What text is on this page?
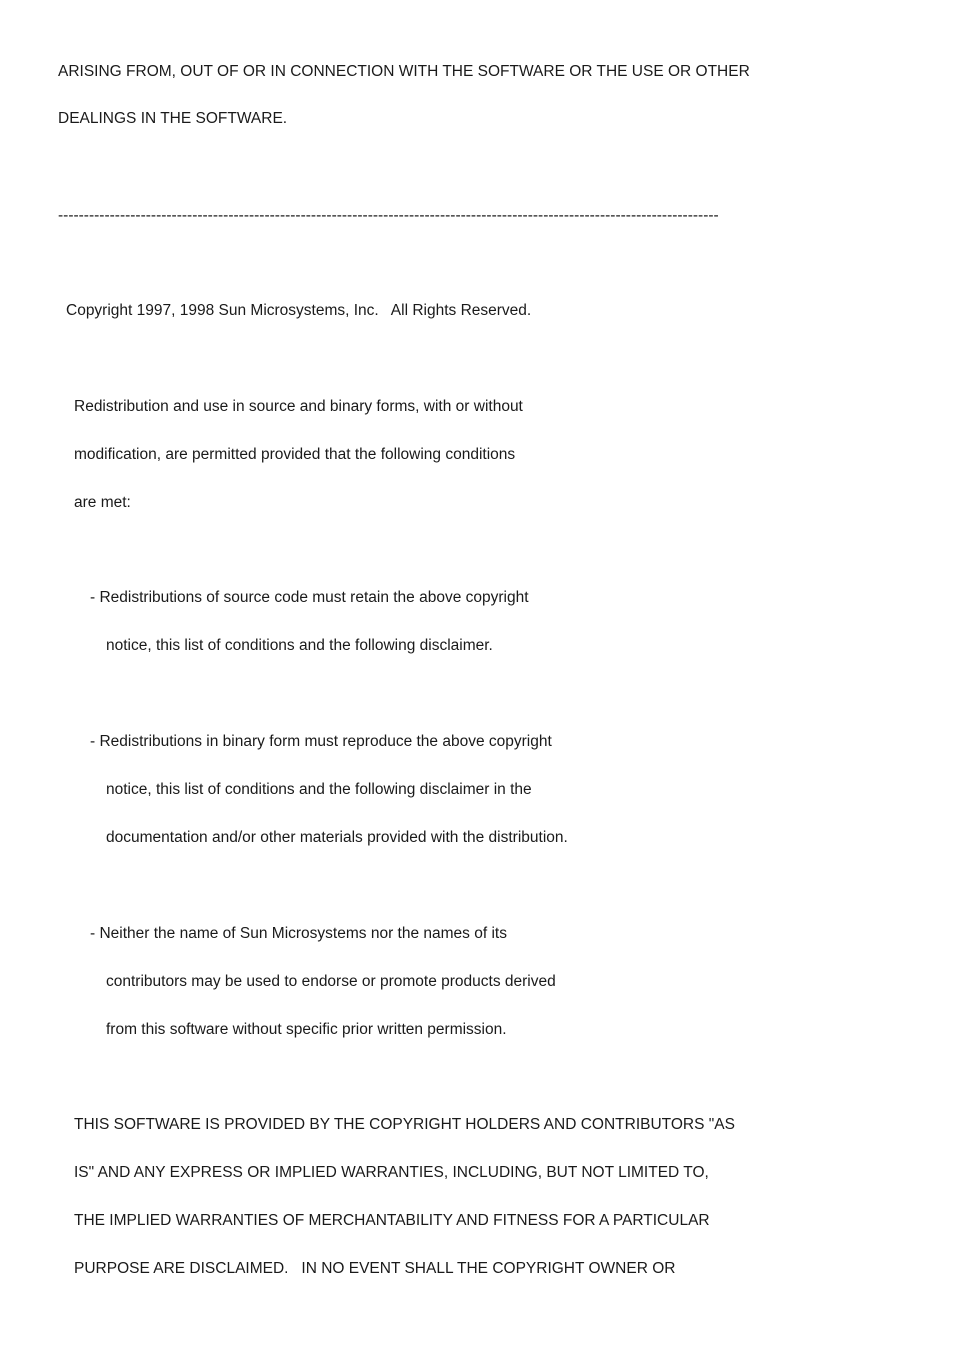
ARISING FROM, OUT OF OR IN CONNECTION WITH THE SOFTWARE OR THE USE OR OTHER
DEALINGS IN THE SOFTWARE.
--------------------------------------------------------------------------------------------------------------------------------
Copyright 1997, 1998 Sun Microsystems, Inc.   All Rights Reserved.
Redistribution and use in source and binary forms, with or without
modification, are permitted provided that the following conditions
are met:
- Redistributions of source code must retain the above copyright
notice, this list of conditions and the following disclaimer.
- Redistributions in binary form must reproduce the above copyright
notice, this list of conditions and the following disclaimer in the
documentation and/or other materials provided with the distribution.
- Neither the name of Sun Microsystems nor the names of its
contributors may be used to endorse or promote products derived
from this software without specific prior written permission.
THIS SOFTWARE IS PROVIDED BY THE COPYRIGHT HOLDERS AND CONTRIBUTORS "AS
IS" AND ANY EXPRESS OR IMPLIED WARRANTIES, INCLUDING, BUT NOT LIMITED TO,
THE IMPLIED WARRANTIES OF MERCHANTABILITY AND FITNESS FOR A PARTICULAR
PURPOSE ARE DISCLAIMED.   IN NO EVENT SHALL THE COPYRIGHT OWNER OR
